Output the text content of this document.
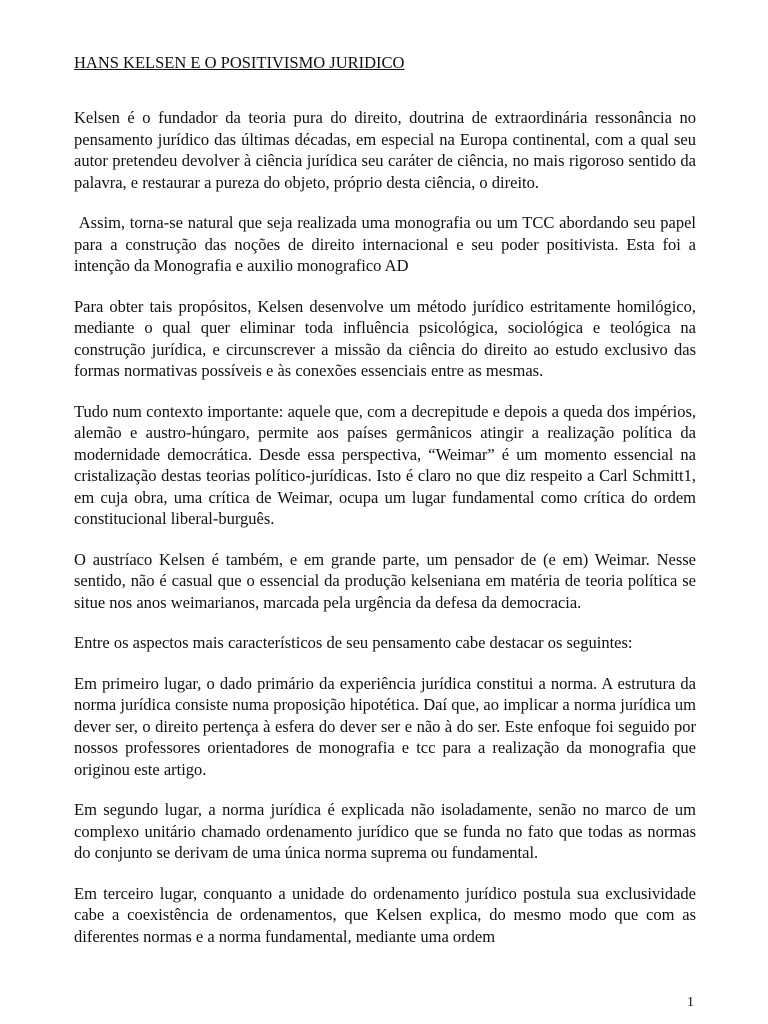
HANS KELSEN E O POSITIVISMO JURIDICO

Kelsen é o fundador da teoria pura do direito, doutrina de extraordinária ressonância no pensamento jurídico das últimas décadas, em especial na Europa continental, com a qual seu autor pretendeu devolver à ciência jurídica seu caráter de ciência, no mais rigoroso sentido da palavra, e restaurar a pureza do objeto, próprio desta ciência, o direito.

Assim, torna-se natural que seja realizada uma monografia ou um TCC abordando seu papel para a construção das noções de direito internacional e seu poder positivista. Esta foi a intenção da Monografia e auxilio monografico AD

Para obter tais propósitos, Kelsen desenvolve um método jurídico estritamente homilógico, mediante o qual quer eliminar toda influência psicológica, sociológica e teológica na construção jurídica, e circunscrever a missão da ciência do direito ao estudo exclusivo das formas normativas possíveis e às conexões essenciais entre as mesmas.

Tudo num contexto importante: aquele que, com a decrepitude e depois a queda dos impérios, alemão e austro-húngaro, permite aos países germânicos atingir a realização política da modernidade democrática. Desde essa perspectiva, “Weimar” é um momento essencial na cristalização destas teorias político-jurídicas. Isto é claro no que diz respeito a Carl Schmitt1, em cuja obra, uma crítica de Weimar, ocupa um lugar fundamental como crítica do ordem constitucional liberal-burguês.

O austríaco Kelsen é também, e em grande parte, um pensador de (e em) Weimar. Nesse sentido, não é casual que o essencial da produção kelseniana em matéria de teoria política se situe nos anos weimarianos, marcada pela urgência da defesa da democracia.

Entre os aspectos mais característicos de seu pensamento cabe destacar os seguintes:

Em primeiro lugar, o dado primário da experiência jurídica constitui a norma. A estrutura da norma jurídica consiste numa proposição hipotética. Daí que, ao implicar a norma jurídica um dever ser, o direito pertença à esfera do dever ser e não à do ser. Este enfoque foi seguido por nossos professores orientadores de monografia e tcc para a realização da monografia que originou este artigo.

Em segundo lugar, a norma jurídica é explicada não isoladamente, senão no marco de um complexo unitário chamado ordenamento jurídico que se funda no fato que todas as normas do conjunto se derivam de uma única norma suprema ou fundamental.

Em terceiro lugar, conquanto a unidade do ordenamento jurídico postula sua exclusividade cabe a coexistência de ordenamentos, que Kelsen explica, do mesmo modo que com as diferentes normas e a norma fundamental, mediante uma ordem

1
